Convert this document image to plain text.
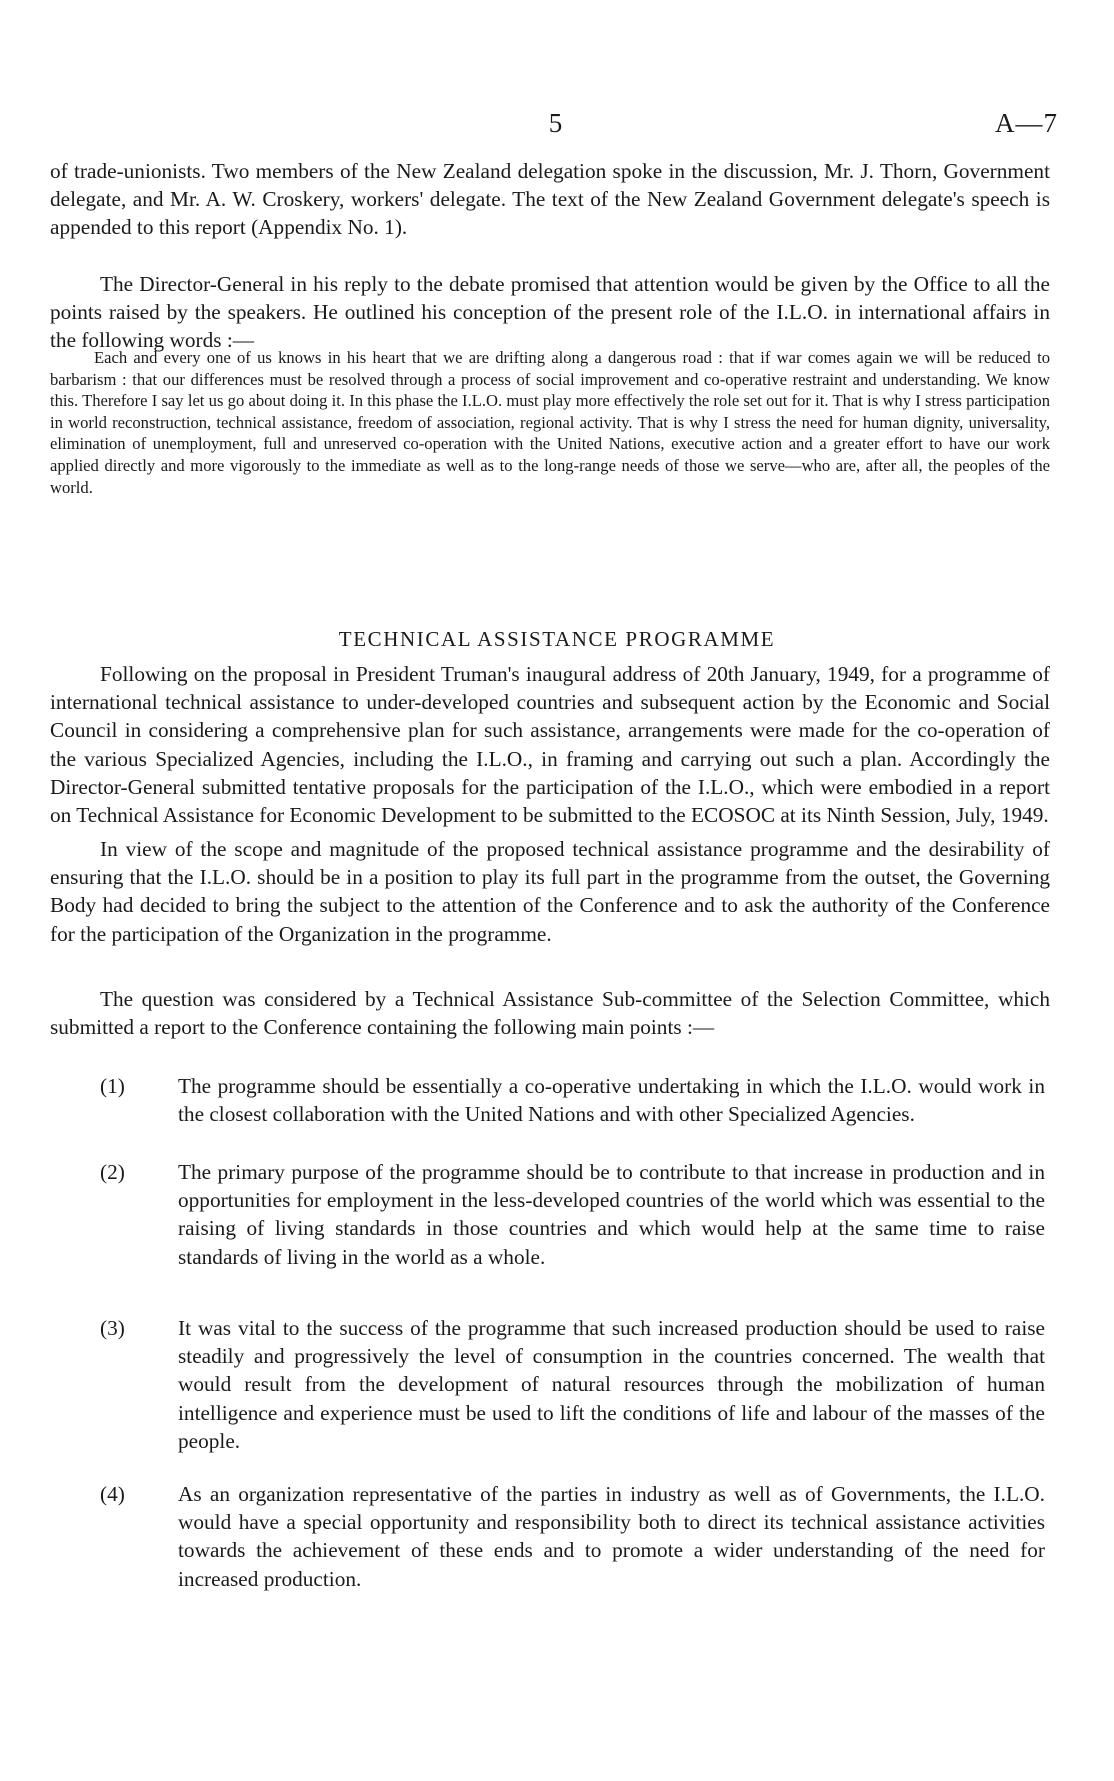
5	A—7

of trade-unionists. Two members of the New Zealand delegation spoke in the discussion, Mr. J. Thorn, Government delegate, and Mr. A. W. Croskery, workers' delegate. The text of the New Zealand Government delegate's speech is appended to this report (Appendix No. 1).

The Director-General in his reply to the debate promised that attention would be given by the Office to all the points raised by the speakers. He outlined his conception of the present role of the I.L.O. in international affairs in the following words :—

Each and every one of us knows in his heart that we are drifting along a dangerous road : that if war comes again we will be reduced to barbarism : that our differences must be resolved through a process of social improvement and co-operative restraint and understanding. We know this. Therefore I say let us go about doing it. In this phase the I.L.O. must play more effectively the role set out for it. That is why I stress participation in world reconstruction, technical assistance, freedom of association, regional activity. That is why I stress the need for human dignity, universality, elimination of unemployment, full and unreserved co-operation with the United Nations, executive action and a greater effort to have our work applied directly and more vigorously to the immediate as well as to the long-range needs of those we serve—who are, after all, the peoples of the world.

TECHNICAL ASSISTANCE PROGRAMME

Following on the proposal in President Truman's inaugural address of 20th January, 1949, for a programme of international technical assistance to under-developed countries and subsequent action by the Economic and Social Council in considering a comprehensive plan for such assistance, arrangements were made for the co-operation of the various Specialized Agencies, including the I.L.O., in framing and carrying out such a plan. Accordingly the Director-General submitted tentative proposals for the participation of the I.L.O., which were embodied in a report on Technical Assistance for Economic Development to be submitted to the ECOSOC at its Ninth Session, July, 1949.

In view of the scope and magnitude of the proposed technical assistance programme and the desirability of ensuring that the I.L.O. should be in a position to play its full part in the programme from the outset, the Governing Body had decided to bring the subject to the attention of the Conference and to ask the authority of the Conference for the participation of the Organization in the programme.

The question was considered by a Technical Assistance Sub-committee of the Selection Committee, which submitted a report to the Conference containing the following main points :—

(1) The programme should be essentially a co-operative undertaking in which the I.L.O. would work in the closest collaboration with the United Nations and with other Specialized Agencies.
(2) The primary purpose of the programme should be to contribute to that increase in production and in opportunities for employment in the less-developed countries of the world which was essential to the raising of living standards in those countries and which would help at the same time to raise standards of living in the world as a whole.
(3) It was vital to the success of the programme that such increased production should be used to raise steadily and progressively the level of consumption in the countries concerned. The wealth that would result from the development of natural resources through the mobilization of human intelligence and experience must be used to lift the conditions of life and labour of the masses of the people.
(4) As an organization representative of the parties in industry as well as of Governments, the I.L.O. would have a special opportunity and responsibility both to direct its technical assistance activities towards the achievement of these ends and to promote a wider understanding of the need for increased production.
